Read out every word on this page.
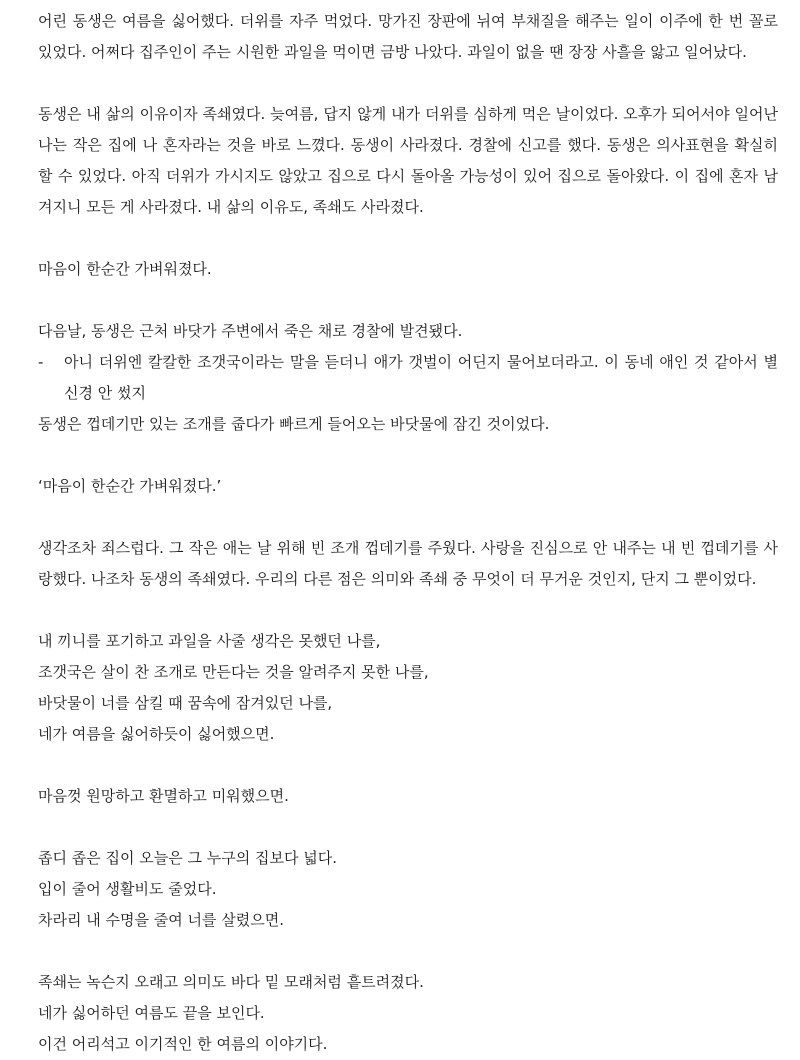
어린 동생은 여름을 싫어했다. 더위를 자주 먹었다. 망가진 장판에 뉘여 부채질을 해주는 일이 이주에 한 번 꼴로 있었다. 어쩌다 집주인이 주는 시원한 과일을 먹이면 금방 나았다. 과일이 없을 땐 장장 사흘을 앓고 일어났다.

동생은 내 삶의 이유이자 족쇄였다. 늦여름, 답지 않게 내가 더위를 심하게 먹은 날이었다. 오후가 되어서야 일어난 나는 작은 집에 나 혼자라는 것을 바로 느꼈다. 동생이 사라졌다. 경찰에 신고를 했다. 동생은 의사표현을 확실히 할 수 있었다. 아직 더위가 가시지도 않았고 집으로 다시 돌아올 가능성이 있어 집으로 돌아왔다. 이 집에 혼자 남겨지니 모든 게 사라졌다. 내 삶의 이유도, 족쇄도 사라졌다.

마음이 한순간 가벼워졌다.

다음날, 동생은 근처 바닷가 주변에서 죽은 채로 경찰에 발견됐다.

- 아니 더위엔 칼칼한 조갯국이라는 말을 듣더니 애가 갯벌이 어딘지 물어보더라고. 이 동네 애인 것 같아서 별 신경 안 썼지

동생은 껍데기만 있는 조개를 줍다가 빠르게 들어오는 바닷물에 잠긴 것이었다.

‘마음이 한순간 가벼워졌다.’

생각조차 죄스럽다. 그 작은 애는 날 위해 빈 조개 껍데기를 주웠다. 사랑을 진심으로 안 내주는 내 빈 껍데기를 사랑했다. 나조차 동생의 족쇄였다. 우리의 다른 점은 의미와 족쇄 중 무엇이 더 무거운 것인지, 단지 그 뿐이었다.

내 끼니를 포기하고 과일을 사줄 생각은 못했던 나를,
조갯국은 살이 찬 조개로 만든다는 것을 알려주지 못한 나를,
바닷물이 너를 삼킬 때 꿈속에 잠겨있던 나를,
네가 여름을 싫어하듯이 싫어했으면.

마음껏 원망하고 환멸하고 미워했으면.

좁디 좁은 집이 오늘은 그 누구의 집보다 넓다.
입이 줄어 생활비도 줄었다.
차라리 내 수명을 줄여 너를 살렸으면.
족쇄는 녹슨지 오래고 의미도 바다 밑 모래처럼 흩트려졌다.
네가 싫어하던 여름도 끝을 보인다.
이건 어리석고 이기적인 한 여름의 이야기다.
